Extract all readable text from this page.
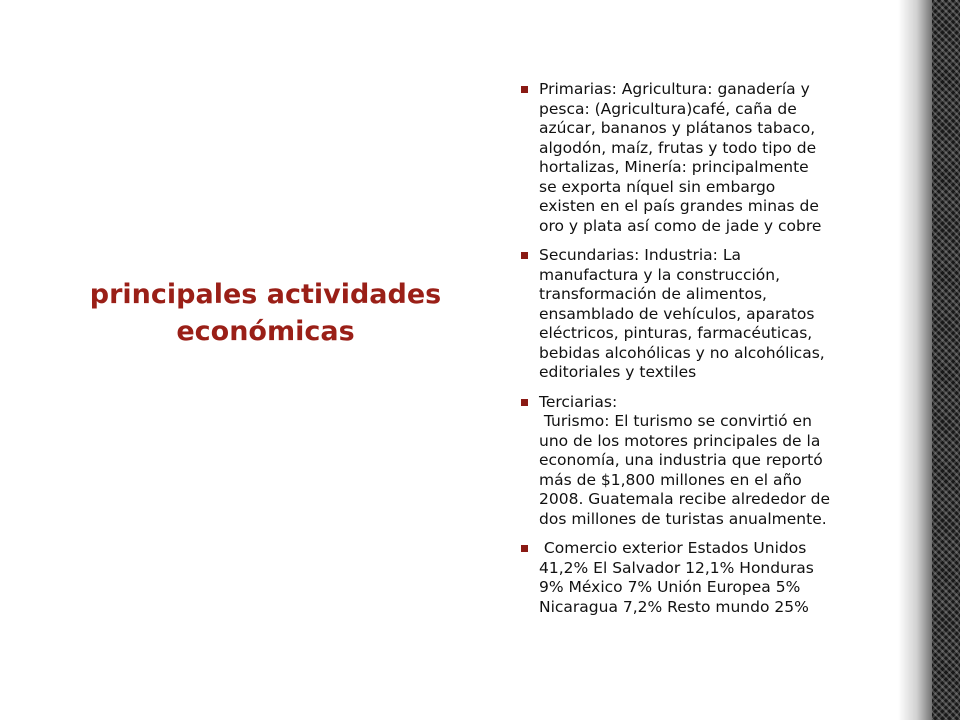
principales actividades
económicas
Primarias: Agricultura: ganadería y
pesca: (Agricultura)café, caña de
azúcar, bananos y plátanos tabaco,
algodón, maíz, frutas y todo tipo de
hortalizas, Minería: principalmente
se exporta níquel sin embargo
existen en el país grandes minas de
oro y plata así como de jade y cobre
Secundarias: Industria: La
manufactura y la construcción,
transformación de alimentos,
ensamblado de vehículos, aparatos
eléctricos, pinturas, farmacéuticas,
bebidas alcohólicas y no alcohólicas,
editoriales y textiles
Terciarias:
Turismo: El turismo se convirtió en
uno de los motores principales de la
economía, una industria que reportó
más de $1,800 millones en el año
2008. Guatemala recibe alrededor de
dos millones de turistas anualmente.
Comercio exterior Estados Unidos
41,2% El Salvador 12,1% Honduras
9% México 7% Unión Europea 5%
Nicaragua 7,2% Resto mundo 25%
